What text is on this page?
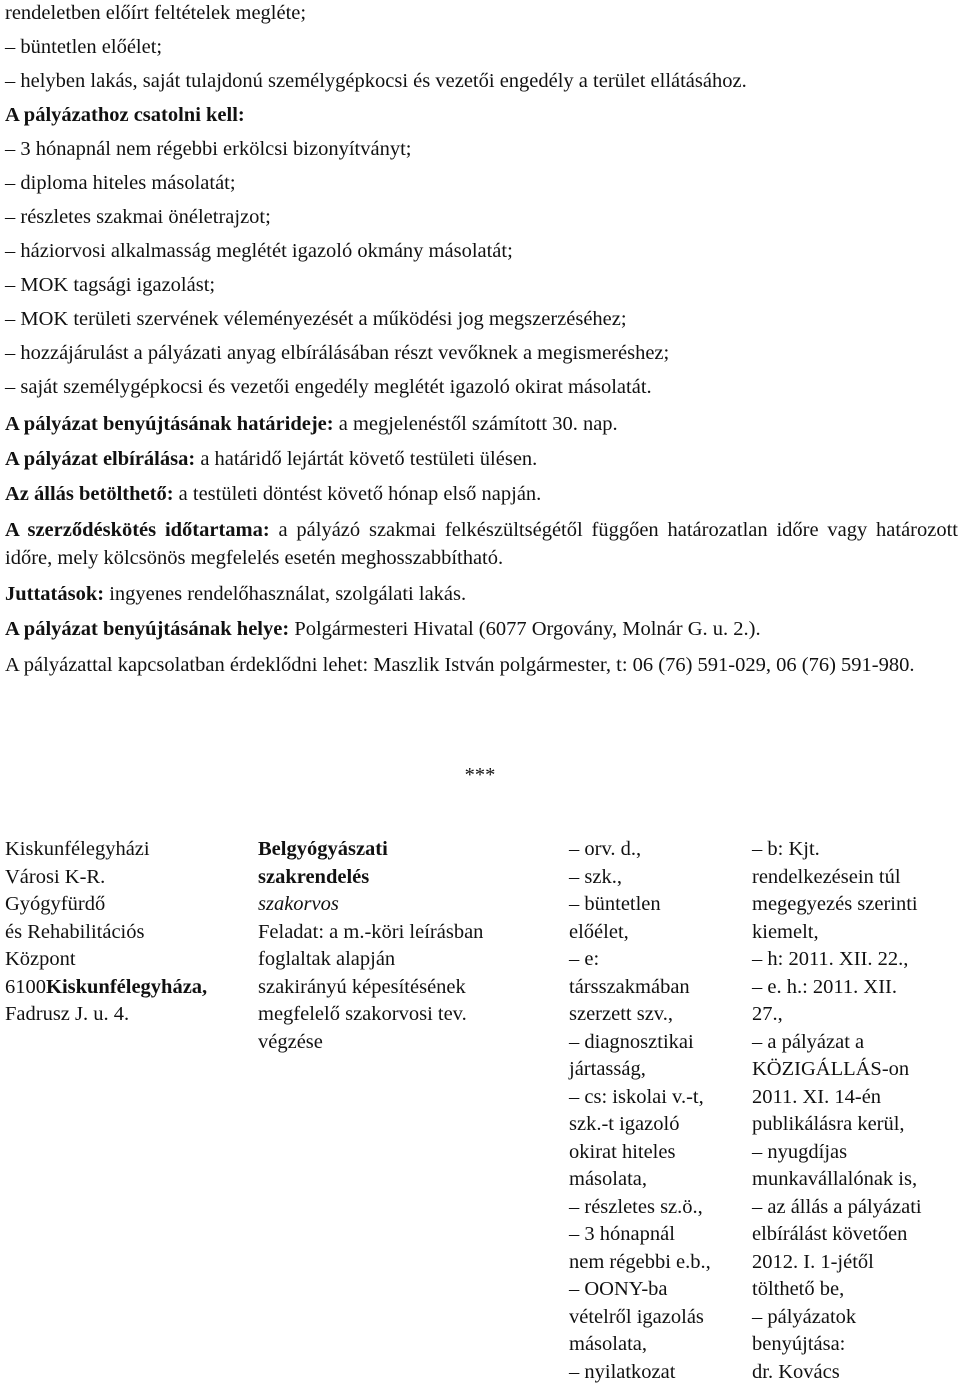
rendeletben előírt feltételek megléte;

– büntetlen előélet;

– helyben lakás, saját tulajdonú személygépkocsi és vezetői engedély a terület ellátásához.

A pályázathoz csatolni kell:

– 3 hónapnál nem régebbi erkölcsi bizonyítványt;

– diploma hiteles másolatát;

– részletes szakmai önéletrajzot;

– háziorvosi alkalmasság meglétét igazoló okmány másolatát;

– MOK tagsági igazolást;

– MOK területi szervének véleményezését a működési jog megszerzéséhez;

– hozzájárulást a pályázati anyag elbírálásában részt vevőknek a megismeréshez;

– saját személygépkocsi és vezetői engedély meglétét igazoló okirat másolatát.

A pályázat benyújtásának határideje: a megjelenéstől számított 30. nap.

A pályázat elbírálása: a határidő lejártát követő testületi ülésen.

Az állás betölthető: a testületi döntést követő hónap első napján.

A szerződéskötés időtartama: a pályázó szakmai felkészültségétől függően határozatlan időre vagy határozott időre, mely kölcsönös megfelelés esetén meghosszabbítható.

Juttatások: ingyenes rendelőhasználat, szolgálati lakás.

A pályázat benyújtásának helye: Polgármesteri Hivatal (6077 Orgovány, Molnár G. u. 2.).

A pályázattal kapcsolatban érdeklődni lehet: Maszlik István polgármester, t: 06 (76) 591-029, 06 (76) 591-980.

***
Kiskunfélegyházi
Városi K-R.
Gyógyfürdő
és Rehabilitációs
Központ
6100Kiskunfélegyháza,
Fadrusz J. u. 4.
Belgyógyászati
szakrendelés
szakorvos
Feladat: a m.-köri leírásban
foglaltak alapján
szakirányú képesítésének
megfelelő szakorvosi tev.
végzése
– orv. d.,
– szk.,
– büntetlen
előélet,
– e:
társszakmában
szerzett szv.,
– diagnosztikai
jártasság,
– cs: iskolai v.-t,
szk.-t igazoló
okirat hiteles
másolata,
– részletes sz.ö.,
– 3 hónapnál
nem régebbi e.b.,
– OONY-ba
vételről igazolás
másolata,
– nyilatkozat
– b: Kjt.
rendelkezésein túl
megegyezés szerinti
kiemelt,
– h: 2011. XII. 22.,
– e. h.: 2011. XII.
27.,
– a pályázat a
KÖZIGÁLLÁS-on
2011. XI. 14-én
publikálásra kerül,
– nyugdíjas
munkavállalónak is,
– az állás a pályázati
elbírálást követően
2012. I. 1-jétől
tölthető be,
– pályázatok
benyújtása:
dr. Kovács
